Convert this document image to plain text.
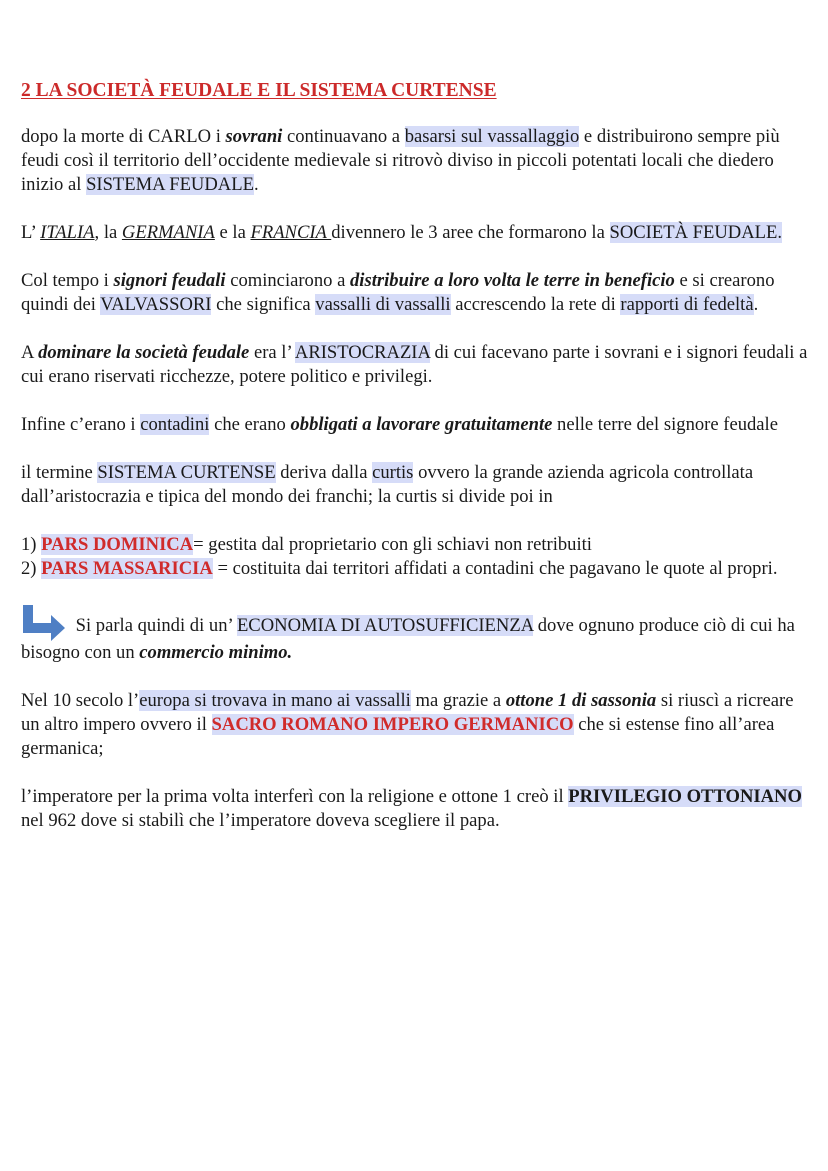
2 LA SOCIETÀ FEUDALE E IL SISTEMA CURTENSE

dopo la morte di CARLO i sovrani continuavano a basarsi sul vassallaggio e distribuirono sempre più feudi così il territorio dell’occidente medievale si ritrovò diviso in piccoli potentati locali che diedero inizio al SISTEMA FEUDALE.

L’ ITALIA, la GERMANIA e la FRANCIA divennero le 3 aree che formarono la SOCIETÀ FEUDALE.

Col tempo i signori feudali cominciarono a distribuire a loro volta le terre in beneficio e si crearono quindi dei VALVASSORI che significa vassalli di vassalli accrescendo la rete di rapporti di fedeltà.

A dominare la società feudale era l’ ARISTOCRAZIA di cui facevano parte i sovrani e i signori feudali a cui erano riservati ricchezze, potere politico e privilegi.

Infine c’erano i contadini che erano obbligati a lavorare gratuitamente nelle terre del signore feudale

il termine SISTEMA CURTENSE deriva dalla curtis ovvero la grande azienda agricola controllata dall’aristocrazia e tipica del mondo dei franchi; la curtis si divide poi in

1) PARS DOMINICA= gestita dal proprietario con gli schiavi non retribuiti

2) PARS MASSARICIA = costituita dai territori affidati a contadini che pagavano le quote al propri.

Si parla quindi di un’ ECONOMIA DI AUTOSUFFICIENZA dove ognuno produce ciò di cui ha bisogno con un commercio minimo.

Nel 10 secolo l’europa si trovava in mano ai vassalli ma grazie a ottone 1 di sassonia si riuscì a ricreare un altro impero ovvero il SACRO ROMANO IMPERO GERMANICO che si estense fino all’area germanica;

l’imperatore per la prima volta interferì con la religione e ottone 1 creò il PRIVILEGIO OTTONIANO nel 962 dove si stabilì che l’imperatore doveva scegliere il papa.
